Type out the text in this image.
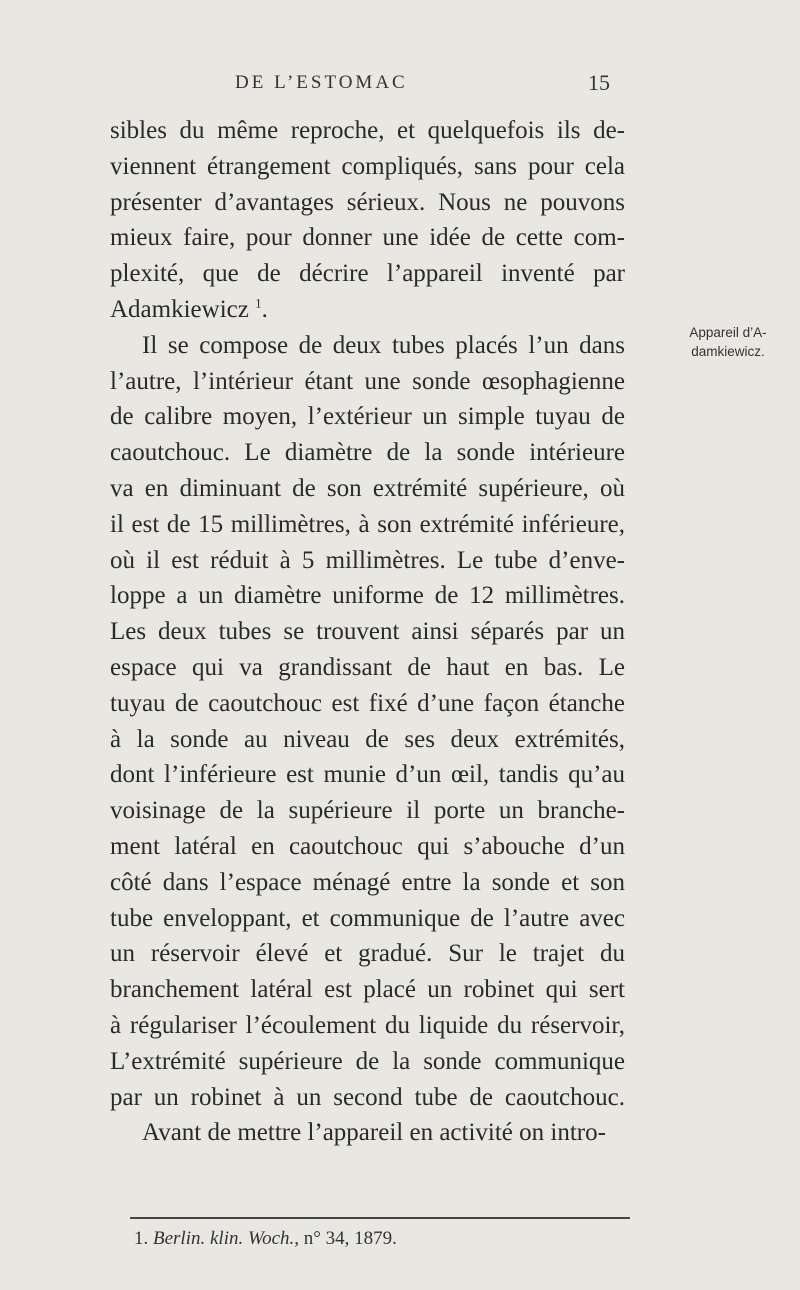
DE L’ESTOMAC	15
sibles du même reproche, et quelquefois ils de-
viennent étrangement compliqués, sans pour cela
présenter d’avantages sérieux. Nous ne pouvons
mieux faire, pour donner une idée de cette com-
plexité, que de décrire l’appareil inventé par
Adamkiewicz $^1$.
Il se compose de deux tubes placés l’un dans
l’autre, l’intérieur étant une sonde œsophagienne
de calibre moyen, l’extérieur un simple tuyau de
caoutchouc. Le diamètre de la sonde intérieure
va en diminuant de son extrémité supérieure, où
il est de 15 millimètres, à son extrémité inférieure,
où il est réduit à 5 millimètres. Le tube d’enve-
loppe a un diamètre uniforme de 12 millimètres.
Les deux tubes se trouvent ainsi séparés par un
espace qui va grandissant de haut en bas. Le
tuyau de caoutchouc est fixé d’une façon étanche
à la sonde au niveau de ses deux extrémités,
dont l’inférieure est munie d’un œil, tandis qu’au
voisinage de la supérieure il porte un branche-
ment latéral en caoutchouc qui s’abouche d’un
côté dans l’espace ménagé entre la sonde et son
tube enveloppant, et communique de l’autre avec
un réservoir élevé et gradué. Sur le trajet du
branchement latéral est placé un robinet qui sert
à régulariser l’écoulement du liquide du réservoir,
L’extrémité supérieure de la sonde communique
par un robinet à un second tube de caoutchouc.
Avant de mettre l’appareil en activité on intro-
Appareil d’A-
damkiewicz.
1. Berlin. klin. Woch., n° 34, 1879.
